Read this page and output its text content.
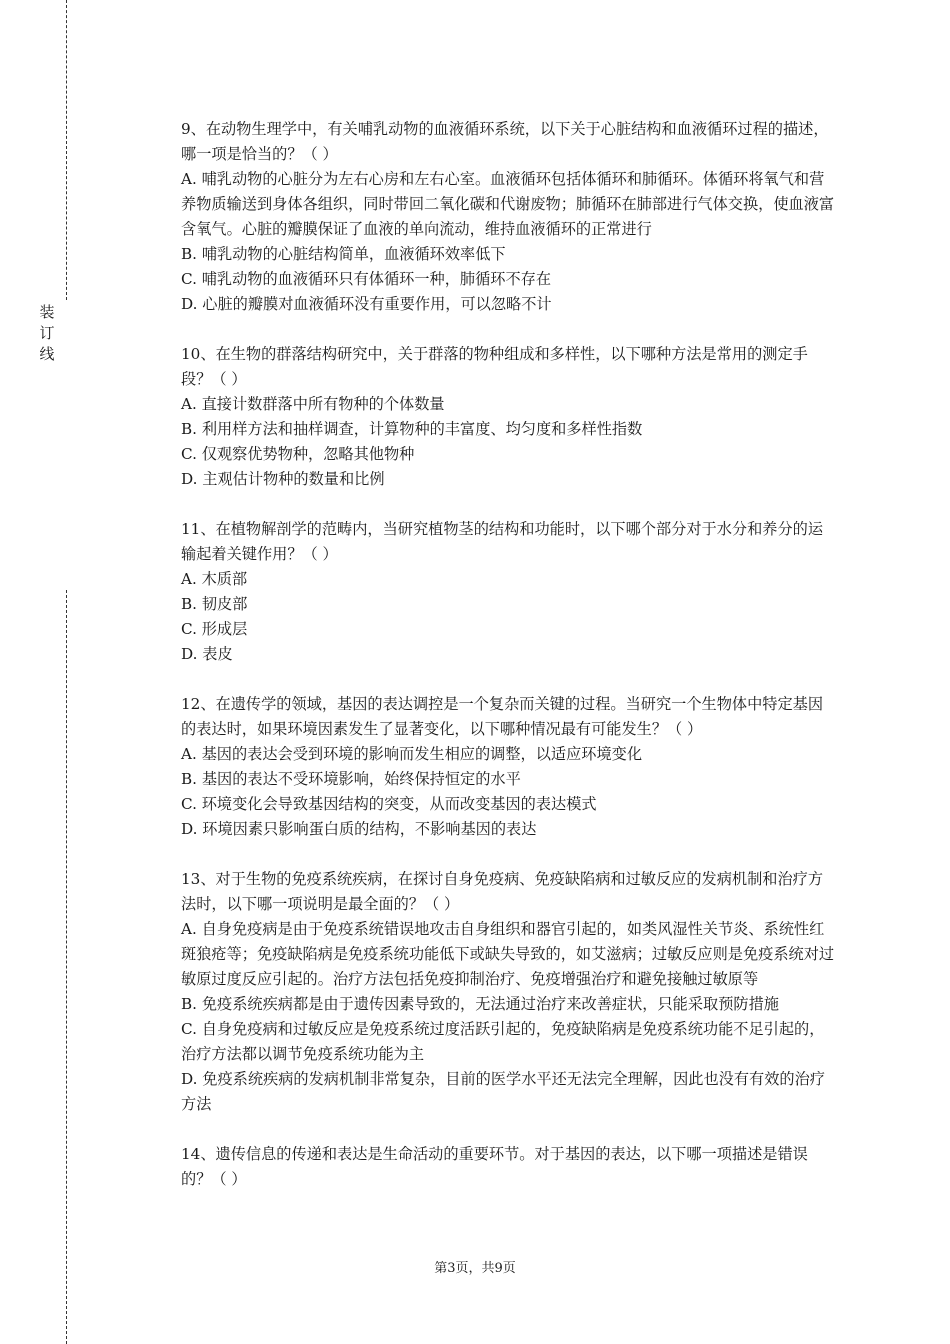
装
订
线

9、在动物生理学中，有关哺乳动物的血液循环系统，以下关于心脏结构和血液循环过程的描述，哪一项是恰当的？（ ）

A. 哺乳动物的心脏分为左右心房和左右心室。血液循环包括体循环和肺循环。体循环将氧气和营养物质输送到身体各组织，同时带回二氧化碳和代谢废物；肺循环在肺部进行气体交换，使血液富含氧气。心脏的瓣膜保证了血液的单向流动，维持血液循环的正常进行

B. 哺乳动物的心脏结构简单，血液循环效率低下

C. 哺乳动物的血液循环只有体循环一种，肺循环不存在

D. 心脏的瓣膜对血液循环没有重要作用，可以忽略不计

10、在生物的群落结构研究中，关于群落的物种组成和多样性，以下哪种方法是常用的测定手段？（ ）

A. 直接计数群落中所有物种的个体数量

B. 利用样方法和抽样调查，计算物种的丰富度、均匀度和多样性指数

C. 仅观察优势物种，忽略其他物种

D. 主观估计物种的数量和比例

11、在植物解剖学的范畴内，当研究植物茎的结构和功能时，以下哪个部分对于水分和养分的运输起着关键作用？（ ）

A. 木质部

B. 韧皮部

C. 形成层

D. 表皮

12、在遗传学的领域，基因的表达调控是一个复杂而关键的过程。当研究一个生物体中特定基因的表达时，如果环境因素发生了显著变化，以下哪种情况最有可能发生？（ ）

A. 基因的表达会受到环境的影响而发生相应的调整，以适应环境变化

B. 基因的表达不受环境影响，始终保持恒定的水平

C. 环境变化会导致基因结构的突变，从而改变基因的表达模式

D. 环境因素只影响蛋白质的结构，不影响基因的表达

13、对于生物的免疫系统疾病，在探讨自身免疫病、免疫缺陷病和过敏反应的发病机制和治疗方法时，以下哪一项说明是最全面的？（ ）

A. 自身免疫病是由于免疫系统错误地攻击自身组织和器官引起的，如类风湿性关节炎、系统性红斑狼疮等；免疫缺陷病是免疫系统功能低下或缺失导致的，如艾滋病；过敏反应则是免疫系统对过敏原过度反应引起的。治疗方法包括免疫抑制治疗、免疫增强治疗和避免接触过敏原等

B. 免疫系统疾病都是由于遗传因素导致的，无法通过治疗来改善症状，只能采取预防措施

C. 自身免疫病和过敏反应是免疫系统过度活跃引起的，免疫缺陷病是免疫系统功能不足引起的，治疗方法都以调节免疫系统功能为主

D. 免疫系统疾病的发病机制非常复杂，目前的医学水平还无法完全理解，因此也没有有效的治疗方法

14、遗传信息的传递和表达是生命活动的重要环节。对于基因的表达，以下哪一项描述是错误的？（ ）

第3页，共9页
